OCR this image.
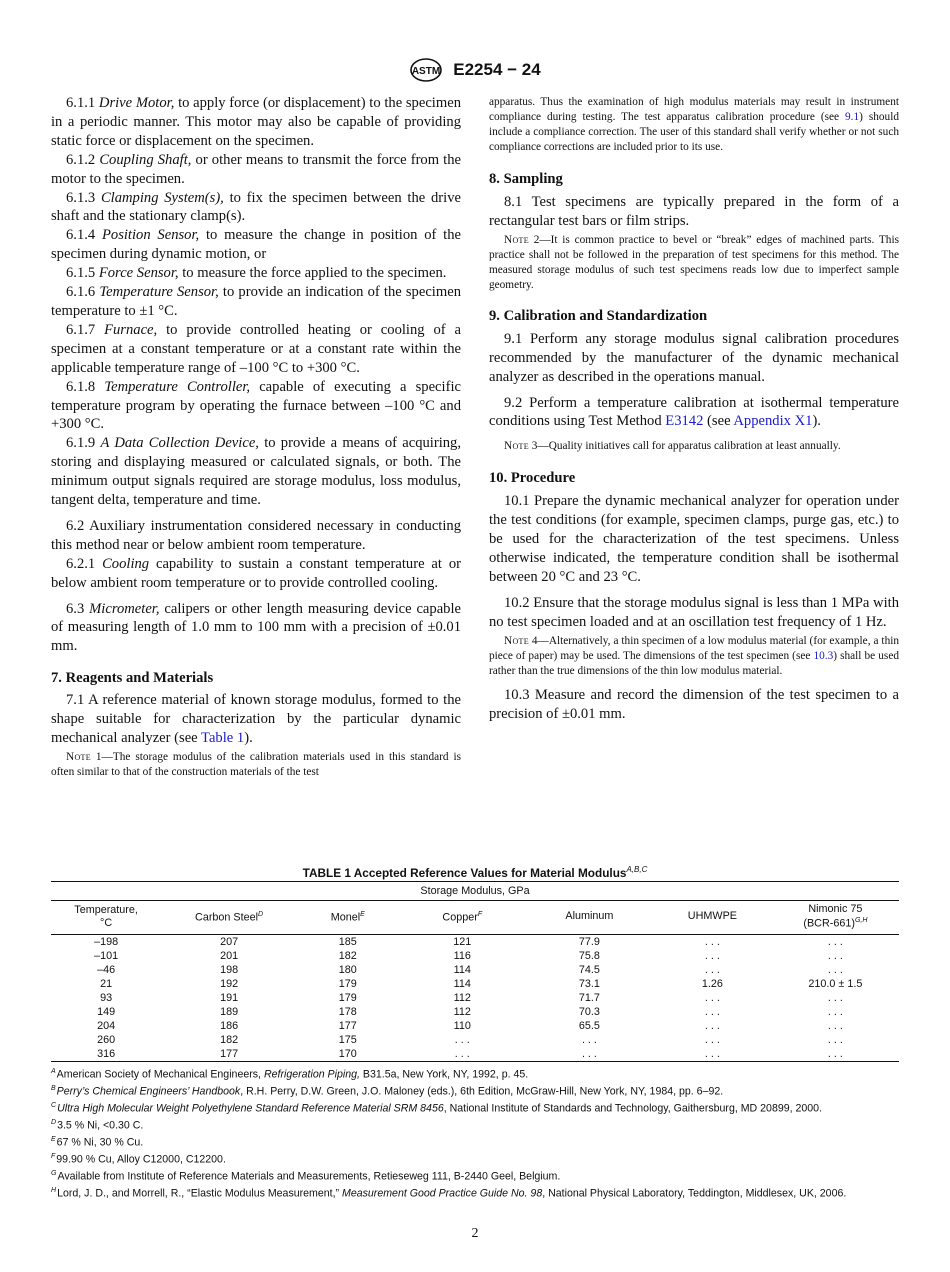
ASTM E2254 − 24

6.1.1 Drive Motor, to apply force (or displacement) to the specimen in a periodic manner. This motor may also be capable of providing static force or displacement on the specimen.

6.1.2 Coupling Shaft, or other means to transmit the force from the motor to the specimen.

6.1.3 Clamping System(s), to fix the specimen between the drive shaft and the stationary clamp(s).

6.1.4 Position Sensor, to measure the change in position of the specimen during dynamic motion, or

6.1.5 Force Sensor, to measure the force applied to the specimen.

6.1.6 Temperature Sensor, to provide an indication of the specimen temperature to ±1 °C.

6.1.7 Furnace, to provide controlled heating or cooling of a specimen at a constant temperature or at a constant rate within the applicable temperature range of –100 °C to +300 °C.

6.1.8 Temperature Controller, capable of executing a specific temperature program by operating the furnace between –100 °C and +300 °C.

6.1.9 A Data Collection Device, to provide a means of acquiring, storing and displaying measured or calculated signals, or both. The minimum output signals required are storage modulus, loss modulus, tangent delta, temperature and time.

6.2 Auxiliary instrumentation considered necessary in conducting this method near or below ambient room temperature.

6.2.1 Cooling capability to sustain a constant temperature at or below ambient room temperature or to provide controlled cooling.

6.3 Micrometer, calipers or other length measuring device capable of measuring length of 1.0 mm to 100 mm with a precision of ±0.01 mm.

7. Reagents and Materials

7.1 A reference material of known storage modulus, formed to the shape suitable for characterization by the particular dynamic mechanical analyzer (see Table 1).

Note 1—The storage modulus of the calibration materials used in this standard is often similar to that of the construction materials of the test

apparatus. Thus the examination of high modulus materials may result in instrument compliance during testing. The test apparatus calibration procedure (see 9.1) should include a compliance correction. The user of this standard shall verify whether or not such compliance corrections are included prior to its use.

8. Sampling

8.1 Test specimens are typically prepared in the form of a rectangular test bars or film strips.

Note 2—It is common practice to bevel or “break” edges of machined parts. This practice shall not be followed in the preparation of test specimens for this method. The measured storage modulus of such test specimens reads low due to imperfect sample geometry.

9. Calibration and Standardization

9.1 Perform any storage modulus signal calibration procedures recommended by the manufacturer of the dynamic mechanical analyzer as described in the operations manual.

9.2 Perform a temperature calibration at isothermal temperature conditions using Test Method E3142 (see Appendix X1).

Note 3—Quality initiatives call for apparatus calibration at least annually.

10. Procedure

10.1 Prepare the dynamic mechanical analyzer for operation under the test conditions (for example, specimen clamps, purge gas, etc.) to be used for the characterization of the test specimens. Unless otherwise indicated, the temperature condition shall be isothermal between 20 °C and 23 °C.

10.2 Ensure that the storage modulus signal is less than 1 MPa with no test specimen loaded and at an oscillation test frequency of 1 Hz.

Note 4—Alternatively, a thin specimen of a low modulus material (for example, a thin piece of paper) may be used. The dimensions of the test specimen (see 10.3) shall be used rather than the true dimensions of the thin low modulus material.

10.3 Measure and record the dimension of the test specimen to a precision of ±0.01 mm.

TABLE 1 Accepted Reference Values for Material Modulus$^{A,B,C}$
Storage Modulus, GPa						
Temperature,
°C	Carbon Steel$^D$	Monel$^E$	Copper$^F$	Aluminum	UHMWPE	Nimonic 75
$(BCR-661)^{G,H}$
–198	207	185	121	77.9	. . .	. . .
–101	201	182	116	75.8	. . .	. . .
–46	198	180	114	74.5	. . .	. . .
21	192	179	114	73.1	1.26	210.0 ± 1.5
93	191	179	112	71.7	. . .	. . .
149	189	178	112	70.3	. . .	. . .
204	186	177	110	65.5	. . .	. . .
260	182	175	. . .	. . .	. . .	. . .
316	177	170	. . .	. . .	. . .	. . .
$^A$American Society of Mechanical Engineers, Refrigeration Piping, B31.5a, New York, NY, 1992, p. 45.
$^B$Perry’s Chemical Engineers’ Handbook, R.H. Perry, D.W. Green, J.O. Maloney (eds.), 6th Edition, McGraw-Hill, New York, NY, 1984, pp. 6–92.
$^C$Ultra High Molecular Weight Polyethylene Standard Reference Material SRM 8456, National Institute of Standards and Technology, Gaithersburg, MD 20899, 2000.
$^D$3.5 % Ni, <0.30 C.
$^E$67 % Ni, 30 % Cu.
$^F$99.90 % Cu, Alloy C12000, C12200.
$^G$Available from Institute of Reference Materials and Measurements, Retieseweg 111, B-2440 Geel, Belgium.
$^H$Lord, J. D., and Morrell, R., “Elastic Modulus Measurement,” Measurement Good Practice Guide No. 98, National Physical Laboratory, Teddington, Middlesex, UK, 2006.
2
